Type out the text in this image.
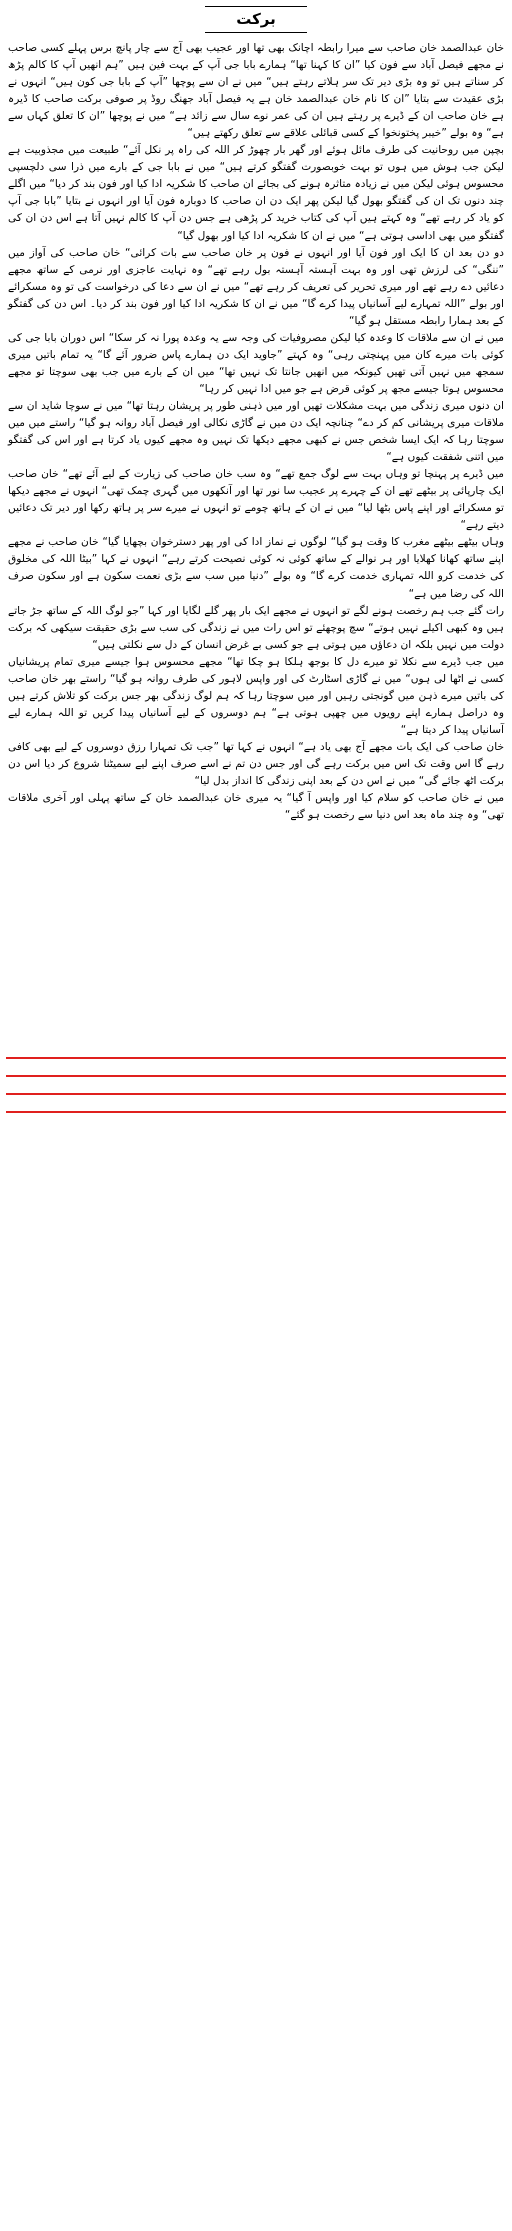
برکت

خان عبدالصمد خان صاحب سے میرا رابطہ اچانک بھی تھا اور عجیب بھی آج سے چار پانچ برس پہلے کسی صاحب نے مجھے فیصل آباد سے فون کیا ”ان کا کہنا تھا“ ہمارے بابا جی آپ کے بہت فین ہیں ”ہم انھیں آپ کا کالم پڑھ کر سناتے ہیں تو وہ بڑی دیر تک سر ہلاتے رہتے ہیں“ میں نے ان سے پوچھا ”آپ کے بابا جی کون ہیں“ انہوں نے بڑی عقیدت سے بتایا ”ان کا نام خان عبدالصمد خان ہے یہ فیصل آباد جھنگ روڈ پر صوفی برکت صاحب کا ڈیرہ ہے خان صاحب ان کے ڈیرے پر رہتے ہیں ان کی عمر نوے سال سے زائد ہے“ میں نے پوچھا ”ان کا تعلق کہاں سے ہے“ وہ بولے ”خیبر پختونخوا کے کسی قبائلی علاقے سے تعلق رکھتے ہیں“

بچپن میں روحانیت کی طرف مائل ہوئے اور گھر بار چھوڑ کر اللہ کی راہ پر نکل آئے“ طبیعت میں مجذوبیت ہے لیکن جب ہوش میں ہوں تو بہت خوبصورت گفتگو کرتے ہیں“ میں نے بابا جی کے بارے میں ذرا سی دلچسپی محسوس ہوئی لیکن میں نے زیادہ متاثرہ ہونے کی بجائے ان صاحب کا شکریہ ادا کیا اور فون بند کر دیا“ میں اگلے چند دنوں تک ان کی گفتگو بھول گیا لیکن پھر ایک دن ان صاحب کا دوبارہ فون آیا اور انہوں نے بتایا ”بابا جی آپ کو یاد کر رہے تھے“ وہ کہتے ہیں آپ کی کتاب خرید کر پڑھی ہے جس دن آپ کا کالم نہیں آتا ہے اس دن ان کی گفتگو میں بھی اداسی ہوتی ہے“ میں نے ان کا شکریہ ادا کیا اور بھول گیا“

دو دن بعد ان کا ایک اور فون آیا اور انہوں نے فون پر خان صاحب سے بات کرائی“ خان صاحب کی آواز میں ”ننگی“ کی لرزش تھی اور وہ بہت آہستہ آہستہ بول رہے تھے“ وہ نہایت عاجزی اور نرمی کے ساتھ مجھے دعائیں دے رہے تھے اور میری تحریر کی تعریف کر رہے تھے“ میں نے ان سے دعا کی درخواست کی تو وہ مسکرائے اور بولے ”اللہ تمہارے لیے آسانیاں پیدا کرے گا“ میں نے ان کا شکریہ ادا کیا اور فون بند کر دیا۔ اس دن کی گفتگو کے بعد ہمارا رابطہ مستقل ہو گیا“

میں نے ان سے ملاقات کا وعدہ کیا لیکن مصروفیات کی وجہ سے یہ وعدہ پورا نہ کر سکا“ اس دوران بابا جی کی کوئی بات میرے کان میں پہنچتی رہی“ وہ کہتے ”جاوید ایک دن ہمارے پاس ضرور آئے گا“ یہ تمام باتیں میری سمجھ میں نہیں آتی تھیں کیونکہ میں انھیں جانتا تک نہیں تھا“ میں ان کے بارے میں جب بھی سوچتا تو مجھے محسوس ہوتا جیسے مجھ پر کوئی قرض ہے جو میں ادا نہیں کر رہا“

ان دنوں میری زندگی میں بہت مشکلات تھیں اور میں ذہنی طور پر پریشان رہتا تھا“ میں نے سوچا شاید ان سے ملاقات میری پریشانی کم کر دے“ چنانچہ ایک دن میں نے گاڑی نکالی اور فیصل آباد روانہ ہو گیا“ راستے میں میں سوچتا رہا کہ ایک ایسا شخص جس نے کبھی مجھے دیکھا تک نہیں وہ مجھے کیوں یاد کرتا ہے اور اس کی گفتگو میں اتنی شفقت کیوں ہے“

میں ڈیرے پر پہنچا تو وہاں بہت سے لوگ جمع تھے“ وہ سب خان صاحب کی زیارت کے لیے آئے تھے“ خان صاحب ایک چارپائی پر بیٹھے تھے ان کے چہرے پر عجیب سا نور تھا اور آنکھوں میں گہری چمک تھی“ انہوں نے مجھے دیکھا تو مسکرائے اور اپنے پاس بٹھا لیا“ میں نے ان کے ہاتھ چومے تو انہوں نے میرے سر پر ہاتھ رکھا اور دیر تک دعائیں دیتے رہے“

وہاں بیٹھے بیٹھے مغرب کا وقت ہو گیا“ لوگوں نے نماز ادا کی اور پھر دسترخوان بچھایا گیا“ خان صاحب نے مجھے اپنے ساتھ کھانا کھلایا اور ہر نوالے کے ساتھ کوئی نہ کوئی نصیحت کرتے رہے“ انہوں نے کہا ”بیٹا اللہ کی مخلوق کی خدمت کرو اللہ تمہاری خدمت کرے گا“ وہ بولے ”دنیا میں سب سے بڑی نعمت سکون ہے اور سکون صرف اللہ کی رضا میں ہے“

رات گئے جب ہم رخصت ہونے لگے تو انہوں نے مجھے ایک بار پھر گلے لگایا اور کہا ”جو لوگ اللہ کے ساتھ جڑ جاتے ہیں وہ کبھی اکیلے نہیں ہوتے“ سچ پوچھئے تو اس رات میں نے زندگی کی سب سے بڑی حقیقت سیکھی کہ برکت دولت میں نہیں بلکہ ان دعاؤں میں ہوتی ہے جو کسی بے غرض انسان کے دل سے نکلتی ہیں“

میں جب ڈیرے سے نکلا تو میرے دل کا بوجھ ہلکا ہو چکا تھا“ مجھے محسوس ہوا جیسے میری تمام پریشانیاں کسی نے اٹھا لی ہوں“ میں نے گاڑی اسٹارٹ کی اور واپس لاہور کی طرف روانہ ہو گیا“ راستے بھر خان صاحب کی باتیں میرے ذہن میں گونجتی رہیں اور میں سوچتا رہا کہ ہم لوگ زندگی بھر جس برکت کو تلاش کرتے ہیں وہ دراصل ہمارے اپنے رویوں میں چھپی ہوتی ہے“ ہم دوسروں کے لیے آسانیاں پیدا کریں تو اللہ ہمارے لیے آسانیاں پیدا کر دیتا ہے“

خان صاحب کی ایک بات مجھے آج بھی یاد ہے“ انہوں نے کہا تھا ”جب تک تمہارا رزق دوسروں کے لیے بھی کافی رہے گا اس وقت تک اس میں برکت رہے گی اور جس دن تم نے اسے صرف اپنے لیے سمیٹنا شروع کر دیا اس دن برکت اٹھ جائے گی“ میں نے اس دن کے بعد اپنی زندگی کا انداز بدل لیا“

میں نے خان صاحب کو سلام کیا اور واپس آ گیا“ یہ میری خان عبدالصمد خان کے ساتھ پہلی اور آخری ملاقات تھی“ وہ چند ماہ بعد اس دنیا سے رخصت ہو گئے“
